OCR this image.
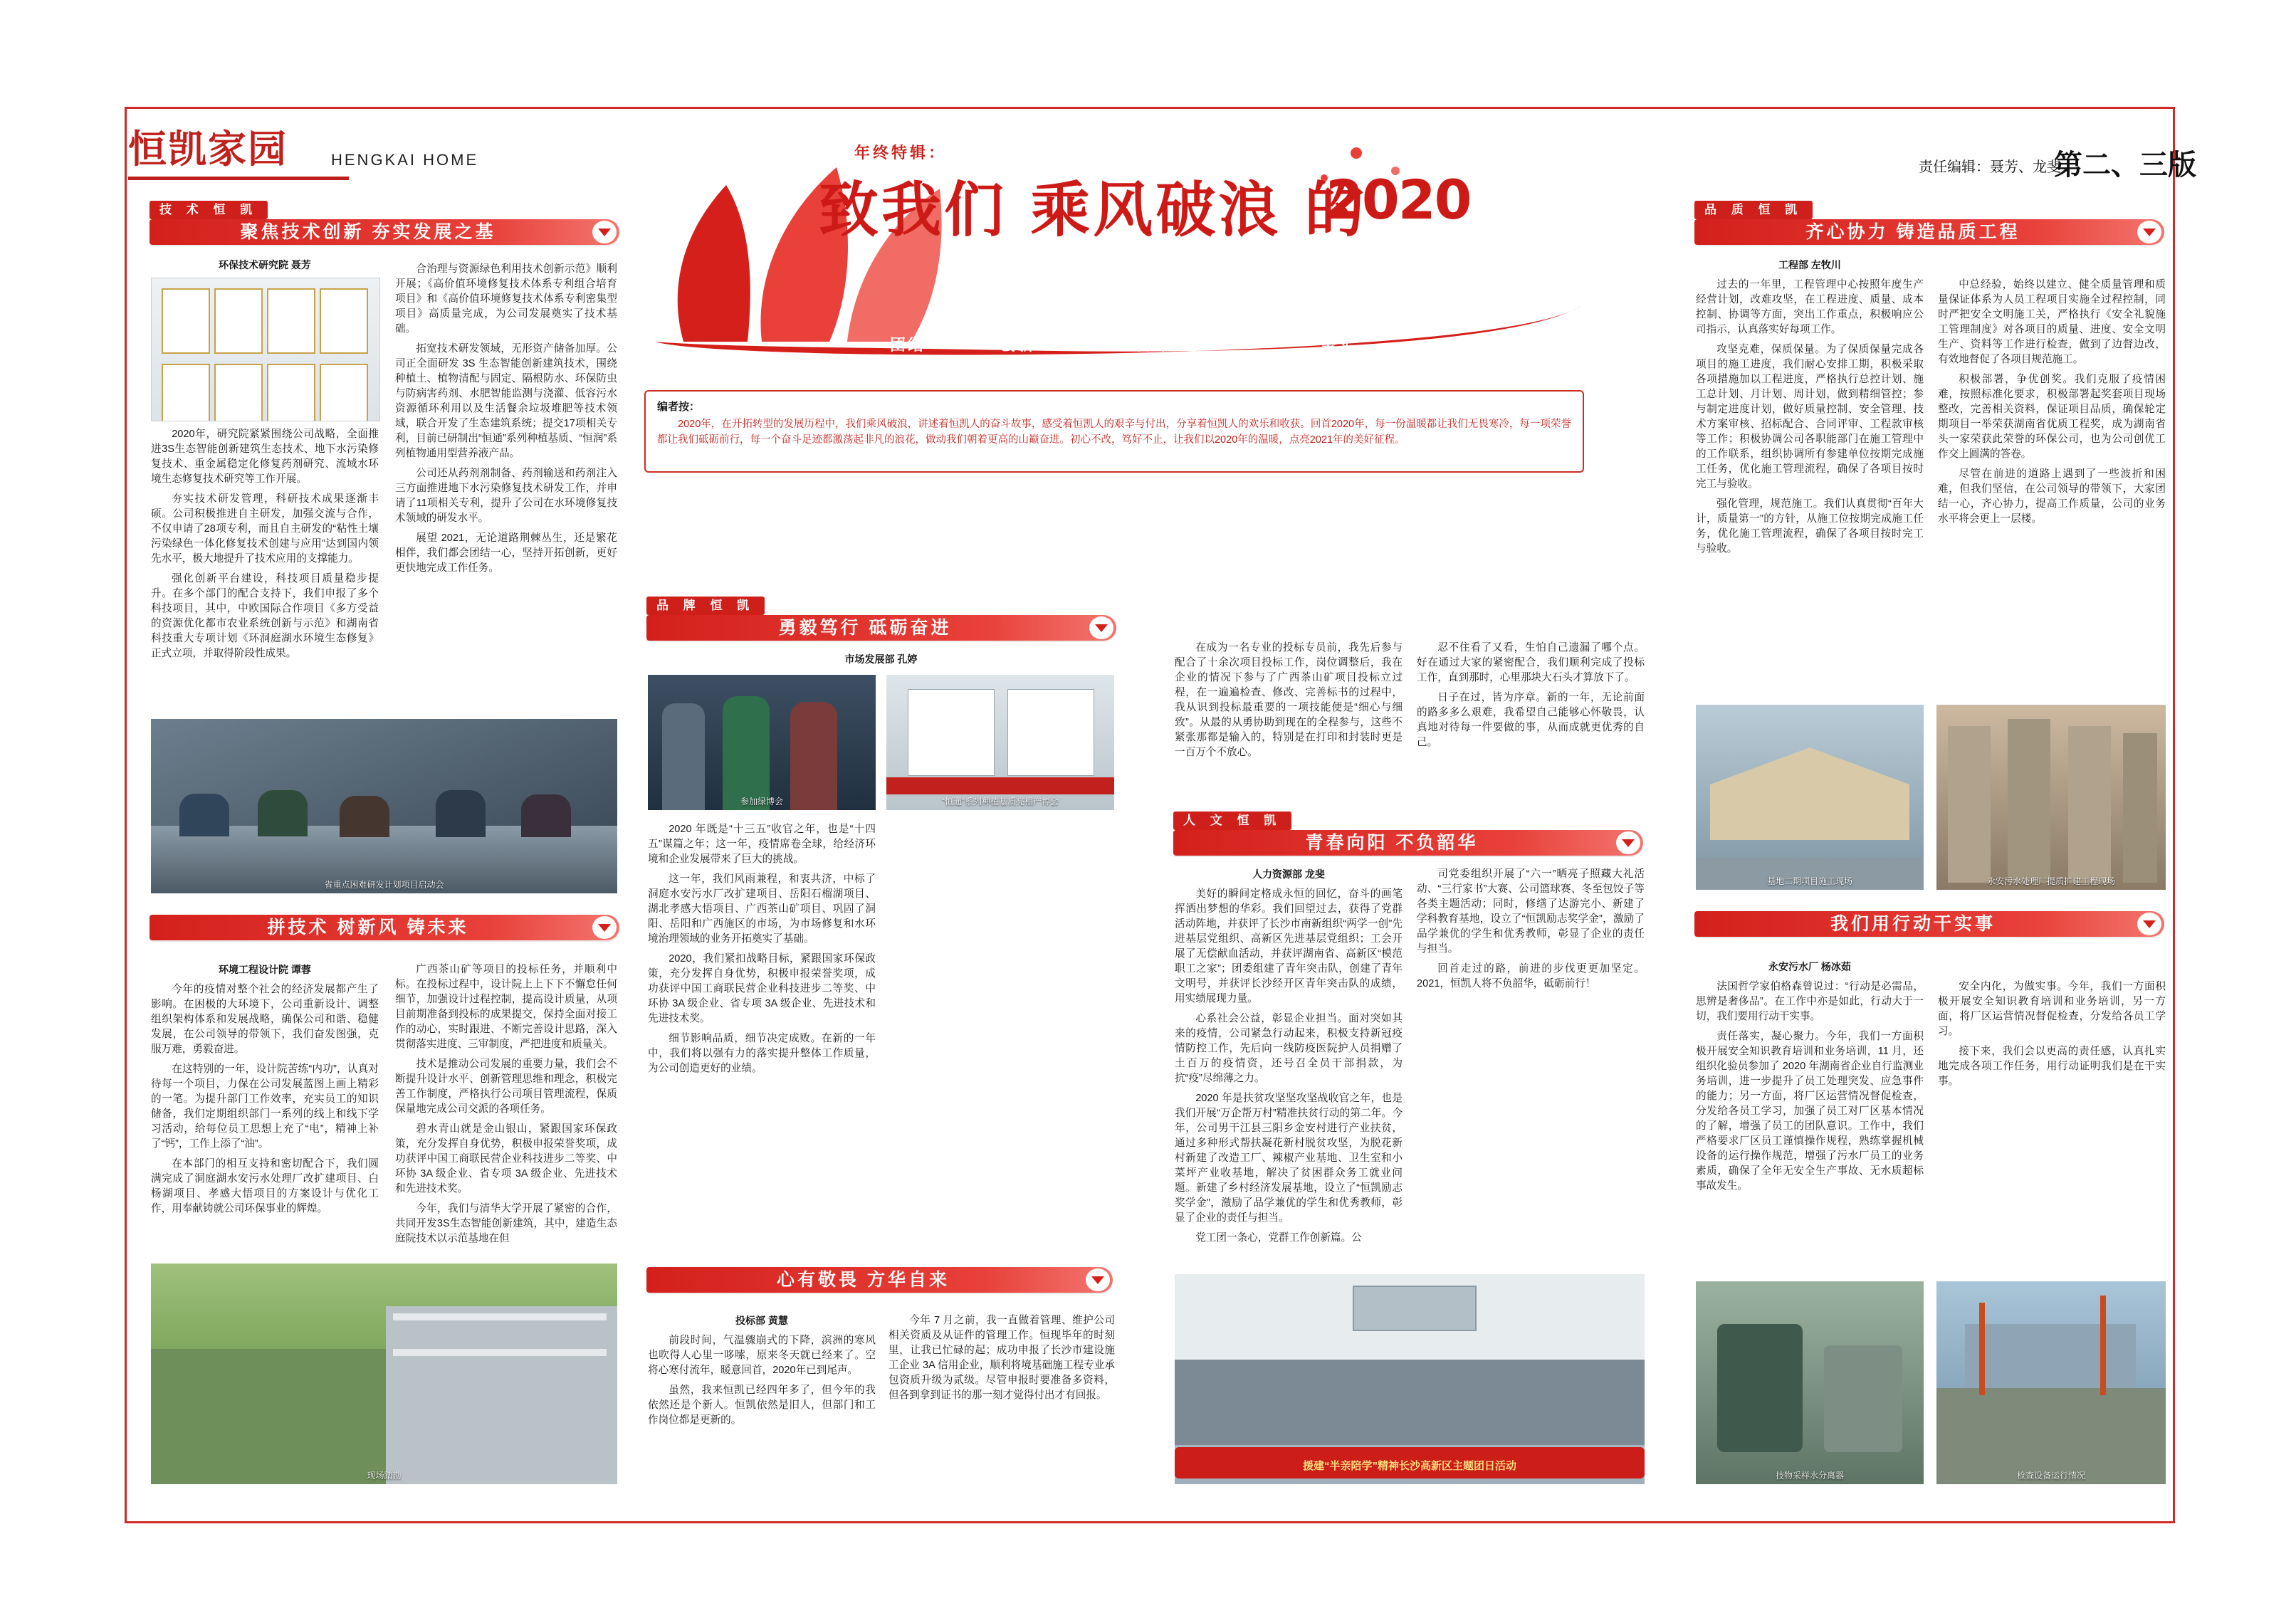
恒凯家园	HENGKAI HOME	责任编辑：聂芳、龙斐
第二、三版
技 术 恒 凯
聚焦技术创新 夯实发展之基
环保技术研究院 聂芳

2020年，研究院紧紧围绕公司战略，全面推进3S生态智能创新建筑生态技术、地下水污染修复技术、重金属稳定化修复药剂研究、流域水环境生态修复技术研究等工作开展。

夯实技术研发管理，科研技术成果逐渐丰硕。公司积极推进自主研发，加强交流与合作，不仅申请了28项专利，而且自主研发的“粘性土壤污染绿色一体化修复技术创建与应用”达到国内领先水平，极大地提升了技术应用的支撑能力。

强化创新平台建设，科技项目质量稳步提升。在多个部门的配合支持下，我们申报了多个科技项目，其中，中欧国际合作项目《多方受益的资源优化都市农业系统创新与示范》和湖南省科技重大专项计划《环洞庭湖水环境生态修复》正式立项，并取得阶段性成果。

合治理与资源绿色利用技术创新示范》顺利开展；《高价值环境修复技术体系专利组合培育项目》和《高价值环境修复技术体系专利密集型项目》高质量完成，为公司发展奠实了技术基础。

拓宽技术研发领域，无形资产储备加厚。公司正全面研发 3S 生态智能创新建筑技术，围绕种植土、植物清配与固定、隔根防水、环保防虫与防病害药剂、水肥智能监测与浇灌、低容污水资源循环利用以及生活餐余垃圾堆肥等技术领域，联合开发了生态建筑系统；提交17项相关专利，目前已研制出“恒通”系列种植基质、“恒润”系列植物通用型营养液产品。

公司还从药剂剂制备、药剂输送和药剂注入三方面推进地下水污染修复技术研发工作，并申请了11项相关专利，提升了公司在水环境修复技术领域的研发水平。

展望 2021，无论道路荆棘丛生，还是繁花相伴，我们都会团结一心，坚持开拓创新，更好更快地完成工作任务。

省重点困难研发计划项目启动会
拼技术 树新风 铸未来
环境工程设计院 谭蓉

今年的疫情对整个社会的经济发展都产生了影响。在困极的大环境下，公司重新设计、调整组织架构体系和发展战略，确保公司和谐、稳健发展，在公司领导的带领下，我们奋发图强，克服万难，勇毅奋进。

在这特别的一年，设计院苦练“内功”，认真对待每一个项目，力保在公司发展蓝图上画上精彩的一笔。为提升部门工作效率，充实员工的知识储备，我们定期组织部门一系列的线上和线下学习活动，给每位员工思想上充了“电”，精神上补了“钙”，工作上添了“油”。

在本部门的相互支持和密切配合下，我们圆满完成了洞庭湖水安污水处理厂改扩建项目、白杨湖项目、孝感大悟项目的方案设计与优化工作，用奉献铸就公司环保事业的辉煌。

广西茶山矿等项目的投标任务，并顺利中标。在投标过程中，设计院上上下下不懈怠任何细节，加强设计过程控制，提高设计质量，从项目前期准备到投标的成果提交，保持全面对接工作的动心，实时跟进、不断完善设计思路，深入贯彻落实进度、三审制度，严把进度和质量关。

技术是推动公司发展的重要力量，我们会不断提升设计水平、创新管理思维和理念，积极完善工作制度，严格执行公司项目管理流程，保质保量地完成公司交派的各项任务。

碧水青山就是金山银山，紧跟国家环保政策，充分发挥自身优势，积极申报荣誉奖项，成功获评中国工商联民营企业科技进步二等奖、中环协 3A 级企业、省专项 3A 级企业、先进技术和先进技术奖。

今年，我们与清华大学开展了紧密的合作，共同开发3S生态智能创新建筑，其中，建造生态庭院技术以示范基地在但

现场踏勘
年终特辑：
致我们 乘风破浪 的
2020
团结	创新	奋斗	务实	共赢
编者按：
2020年，在开拓转型的发展历程中，我们乘风破浪，讲述着恒凯人的奋斗故事，感受着恒凯人的艰辛与付出，分享着恒凯人的欢乐和收获。回首2020年，每一份温暖都让我们无畏寒冷，每一项荣誉都让我们砥砺前行，每一个奋斗足迹都激荡起非凡的浪花，做动我们朝着更高的山巅奋进。初心不改，笃好不止，让我们以2020年的温暖，点亮2021年的美好征程。
品 牌 恒 凯
勇毅笃行 砥砺奋进
市场发展部 孔婷
参加绿博会	“恒通”系列种植基质亮相产博会

2020 年既是“十三五”收官之年，也是“十四五”谋篇之年；这一年，疫情席卷全球，给经济环境和企业发展带来了巨大的挑战。

这一年，我们风雨兼程，和衷共济，中标了洞庭水安污水厂改扩建项目、岳阳石榴湖项目、湖北孝感大悟项目、广西茶山矿项目、巩固了洞阳、岳阳和广西施区的市场，为市场修复和水环境治理领域的业务开拓奠实了基础。

2020，我们紧扣战略目标，紧跟国家环保政策，充分发挥自身优势，积极申报荣誉奖项，成功获评中国工商联民营企业科技进步二等奖、中环协 3A 级企业、省专项 3A 级企业、先进技术和先进技术奖。

细节影响品质，细节决定成败。在新的一年中，我们将以强有力的落实提升整体工作质量，为公司创造更好的业绩。

心有敬畏 方华自来
投标部 黄慧

前段时间，气温骤崩式的下降，滨洲的寒风也吹得人心里一哆嗦，原来冬天就已经来了。空将心寒付流年，暖意回首，2020年已到尾声。

虽然，我来恒凯已经四年多了，但今年的我依然还是个新人。恒凯依然是旧人，但部门和工作岗位都是更新的。

今年 7 月之前，我一直做着管理、维护公司相关资质及从证件的管理工作。恒现毕年的时刻里，让我已忙碌的起；成功申报了长沙市建设施工企业 3A 信用企业，顺利将境基础施工程专业承包资质升级为贰级。尽管申报时要准备多资料，但各到拿到证书的那一刻才觉得付出才有回报。

在成为一名专业的投标专员前，我先后参与配合了十余次项目投标工作，岗位调整后，我在企业的情况下参与了广西茶山矿项目投标立过程，在一遍遍检查、修改、完善标书的过程中，我从识到投标最重要的一项技能便是“细心与细致”。从最的从勇协助到现在的全程参与，这些不紧张那都是输入的，特别是在打印和封装时更是一百万个不放心。

忍不住看了又看，生怕自己遗漏了哪个点。好在通过大家的紧密配合，我们顺利完成了投标工作，直到那时，心里那块大石头才算放下了。

日子在过，皆为序章。新的一年，无论前面的路多多么艰难，我希望自己能够心怀敬畏，认真地对待每一件要做的事，从而成就更优秀的自己。

人 文 恒 凯
青春向阳 不负韶华
人力资源部 龙斐

美好的瞬间定格成永恒的回忆，奋斗的画笔挥洒出梦想的华彩。我们回望过去，获得了党群活动阵地，并获评了长沙市南新组织“两学一创”先进基层党组织、高新区先进基层党组织；工会开展了无偿献血活动，并获评湖南省、高新区“模范职工之家”；团委组建了青年突击队，创建了青年文明号，并获评长沙经开区青年突击队的成绩，用实绩展现力量。

心系社会公益，彰显企业担当。面对突如其来的疫情，公司紧急行动起来，积极支持新冠疫情防控工作，先后向一线防疫医院护人员捐赠了土百万的疫情资，还号召全员干部捐款，为抗“疫”尽绵薄之力。

2020 年是扶贫攻坚坚攻坚战收官之年，也是我们开展“万企帮万村”精准扶贫行动的第二年。今年，公司男干江县三阳乡金安村进行产业扶贫，通过多种形式帮扶凝花新村脱贫攻坚，为脱花新村新建了改造工厂、辣椒产业基地、卫生室和小菜坪产业收基地，解决了贫困群众务工就业问题。新建了乡村经济发展基地，设立了“恒凯励志奖学金”，激励了品学兼优的学生和优秀教师，彰显了企业的责任与担当。

党工团一条心，党群工作创新篇。公

司党委组织开展了“六一”晒亮子照藏大礼活动、“三行家书”大赛、公司篮球赛、冬至包饺子等各类主题活动；同时，修缮了达游完小、新建了学科教育基地，设立了“恒凯励志奖学金”，激励了品学兼优的学生和优秀教师，彰显了企业的责任与担当。

回首走过的路，前进的步伐更更加坚定。2021，恒凯人将不负韶华，砥砺前行！

援建“半亲陪学”精神长沙高新区主题团日活动
品 质 恒 凯
齐心协力 铸造品质工程
工程部 左牧川

过去的一年里，工程管理中心按照年度生产经营计划，改难攻坚，在工程进度、质量、成本控制、协调等方面，突出工作重点，积极响应公司指示，认真落实好每项工作。

攻坚克难，保质保量。为了保质保量完成各项目的施工进度，我们耐心安排工期，积极采取各项措施加以工程进度，严格执行总控计划、施工总计划、月计划、周计划，做到精细管控；参与制定进度计划，做好质量控制、安全管理、技术方案审核、招标配合、合同评审、工程款审核等工作；积极协调公司各职能部门在施工管理中的工作联系，组织协调所有参建单位按期完成施工任务，优化施工管理流程，确保了各项目按时完工与验收。

强化管理，规范施工。我们认真贯彻“百年大计，质量第一”的方针，从施工位按期完成施工任务，优化施工管理流程，确保了各项目按时完工与验收。

中总经验，始终以建立、健全质量管理和质量保证体系为人员工程项目实施全过程控制，同时严把安全文明施工关，严格执行《安全礼貌施工管理制度》对各项目的质量、进度、安全文明生产、资料等工作进行检查，做到了边督边改，有效地督促了各项目规范施工。

积极部署，争优创奖。我们克服了疫情困难，按照标准化要求，积极部署起奖套项目现场整改，完善相关资料，保证项目品质，确保轮定期项目一举荣获湖南省优质工程奖，成为湖南省头一家荣获此荣誉的环保公司，也为公司创优工作交上圆满的答卷。

尽管在前进的道路上遇到了一些波折和困难，但我们坚信，在公司领导的带领下，大家团结一心，齐心协力，提高工作质量，公司的业务水平将会更上一层楼。

基地二期项目施工现场	永安污水处理厂提质扩建工程现场
我们用行动干实事
永安污水厂 杨冰茹

法国哲学家伯格森曾说过：“行动是必需品，思辨是奢侈品”。在工作中亦是如此，行动大于一切，我们要用行动干实事。

责任落实，凝心聚力。今年，我们一方面积极开展安全知识教育培训和业务培训，11 月，还组织化验员参加了 2020 年湖南省企业自行监测业务培训，进一步提升了员工处理突发、应急事件的能力；另一方面，将厂区运营情况督促检查，分发给各员工学习，加强了员工对厂区基本情况的了解，增强了员工的团队意识。工作中，我们严格要求厂区员工谨慎操作规程，熟练掌握机械设备的运行操作规范，增强了污水厂员工的业务素质，确保了全年无安全生产事故、无水质超标事故发生。

安全内化，为做实事。今年，我们一方面积极开展安全知识教育培训和业务培训，另一方面，将厂区运营情况督促检查，分发给各员工学习。

接下来，我们会以更高的责任感，认真扎实地完成各项工作任务，用行动证明我们是在干实事。

技物采样水分离器	检查设备运行情况
